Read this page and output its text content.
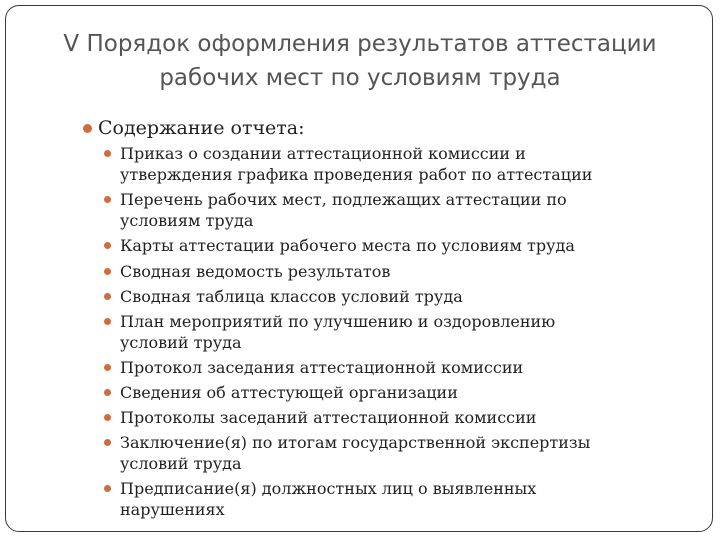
V Порядок оформления результатов аттестации
рабочих мест по условиям труда

Содержание отчета:

Приказ о создании аттестационной комиссии и
утверждения графика проведения работ по аттестации
Перечень рабочих мест, подлежащих аттестации по
условиям труда
Карты аттестации рабочего места по условиям труда
Сводная ведомость результатов
Сводная таблица классов условий труда
План мероприятий по улучшению и оздоровлению
условий труда
Протокол заседания аттестационной комиссии
Сведения об аттестующей организации
Протоколы заседаний аттестационной комиссии
Заключение(я) по итогам государственной экспертизы
условий труда
Предписание(я) должностных лиц о выявленных
нарушениях
